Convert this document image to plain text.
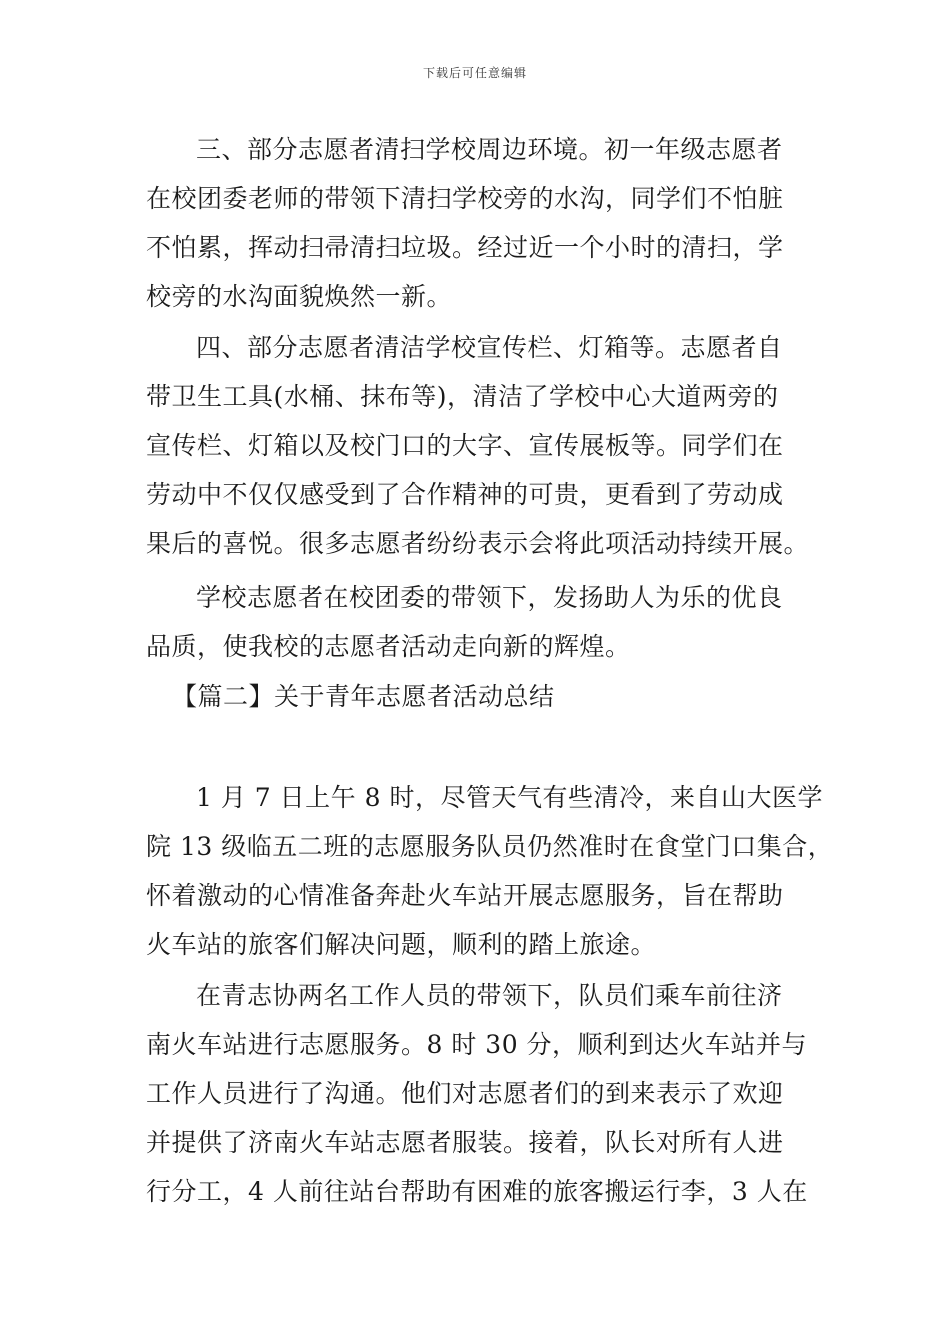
下载后可任意编辑
三、部分志愿者清扫学校周边环境。初一年级志愿者
在校团委老师的带领下清扫学校旁的水沟，同学们不怕脏
不怕累，挥动扫帚清扫垃圾。经过近一个小时的清扫，学
校旁的水沟面貌焕然一新。
四、部分志愿者清洁学校宣传栏、灯箱等。志愿者自
带卫生工具(水桶、抹布等)，清洁了学校中心大道两旁的
宣传栏、灯箱以及校门口的大字、宣传展板等。同学们在
劳动中不仅仅感受到了合作精神的可贵，更看到了劳动成
果后的喜悦。很多志愿者纷纷表示会将此项活动持续开展。
学校志愿者在校团委的带领下，发扬助人为乐的优良
品质，使我校的志愿者活动走向新的辉煌。
【篇二】关于青年志愿者活动总结
1 月 7 日上午 8 时，尽管天气有些清冷，来自山大医学
院 13 级临五二班的志愿服务队员仍然准时在食堂门口集合，
怀着激动的心情准备奔赴火车站开展志愿服务，旨在帮助
火车站的旅客们解决问题，顺利的踏上旅途。
在青志协两名工作人员的带领下，队员们乘车前往济
南火车站进行志愿服务。8 时 30 分，顺利到达火车站并与
工作人员进行了沟通。他们对志愿者们的到来表示了欢迎
并提供了济南火车站志愿者服装。接着，队长对所有人进
行分工，4 人前往站台帮助有困难的旅客搬运行李，3 人在
